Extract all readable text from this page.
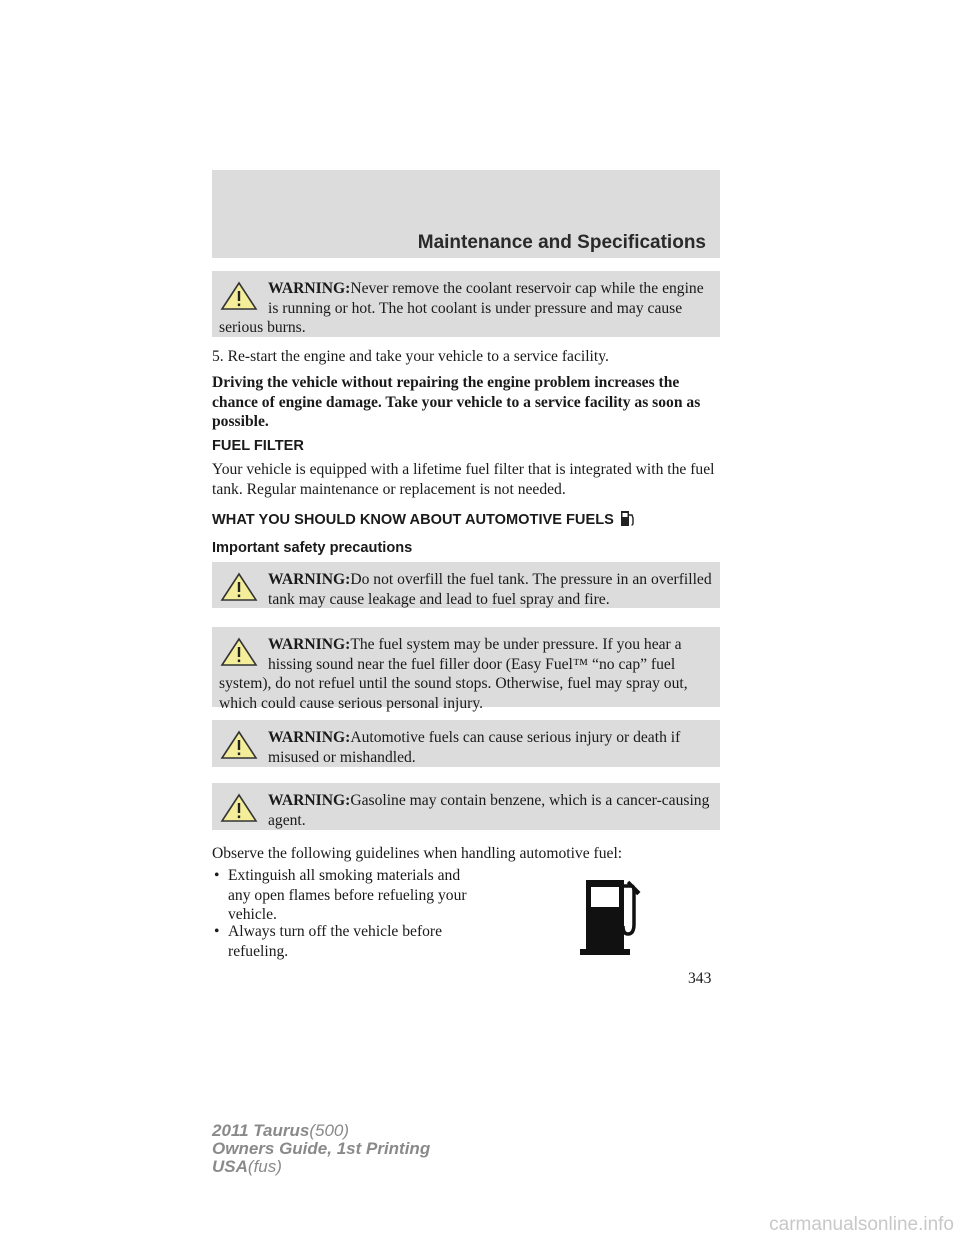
Maintenance and Specifications
WARNING:Never remove the coolant reservoir cap while the engine is running or hot. The hot coolant is under pressure and may cause serious burns.
5. Re-start the engine and take your vehicle to a service facility.
Driving the vehicle without repairing the engine problem increases the chance of engine damage. Take your vehicle to a service facility as soon as possible.
FUEL FILTER
Your vehicle is equipped with a lifetime fuel filter that is integrated with the fuel tank. Regular maintenance or replacement is not needed.
WHAT YOU SHOULD KNOW ABOUT AUTOMOTIVE FUELS
Important safety precautions
WARNING:Do not overfill the fuel tank. The pressure in an overfilled tank may cause leakage and lead to fuel spray and fire.
WARNING:The fuel system may be under pressure. If you hear a hissing sound near the fuel filler door (Easy Fuel™ “no cap” fuel system), do not refuel until the sound stops. Otherwise, fuel may spray out, which could cause serious personal injury.
WARNING:Automotive fuels can cause serious injury or death if misused or mishandled.
WARNING:Gasoline may contain benzene, which is a cancer-causing agent.
Observe the following guidelines when handling automotive fuel:
• Extinguish all smoking materials and any open flames before refueling your vehicle.
• Always turn off the vehicle before refueling.
343
2011 Taurus(500)
Owners Guide, 1st Printing
USA(fus)
carmanualsonline.info
